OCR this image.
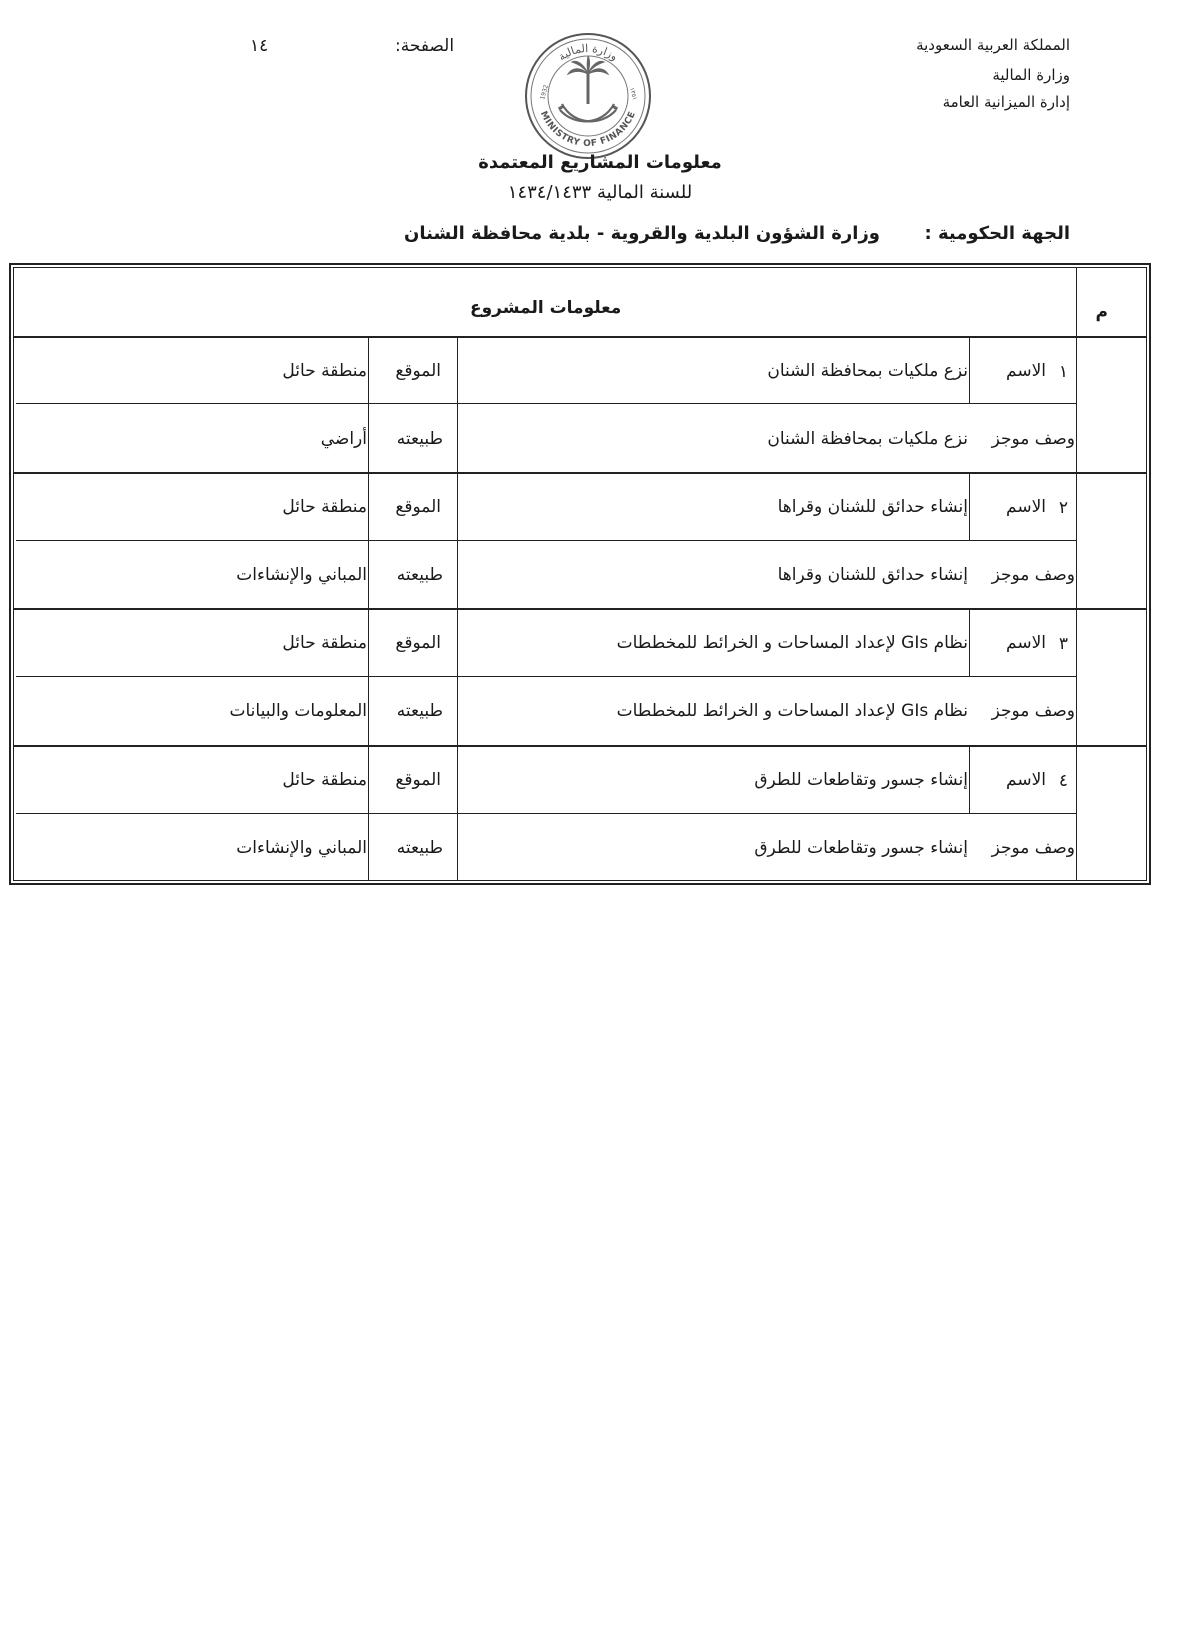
المملكة العربية السعودية
وزارة المالية
إدارة الميزانية العامة
الصفحة:
١٤
وزارة المالية
MINISTRY OF FINANCE
1932	١٣٥١
معلومات المشاريع المعتمدة
للسنة المالية ١٤٣٤/١٤٣٣
الجهة الحكومية :
وزارة الشؤون البلدية والقروية - بلدية محافظة الشنان
م
معلومات المشروع
١
الاسم
نزع ملكيات بمحافظة الشنان
الموقع
منطقة حائل
وصف موجز
نزع ملكيات بمحافظة الشنان
طبيعته
أراضي
٢
الاسم
إنشاء حدائق للشنان وقراها
الموقع
منطقة حائل
وصف موجز
إنشاء حدائق للشنان وقراها
طبيعته
المباني والإنشاءات
٣
الاسم
نظام GIs لإعداد المساحات و الخرائط للمخططات
الموقع
منطقة حائل
وصف موجز
نظام GIs لإعداد المساحات و الخرائط للمخططات
طبيعته
المعلومات والبيانات
٤
الاسم
إنشاء جسور وتقاطعات للطرق
الموقع
منطقة حائل
وصف موجز
إنشاء جسور وتقاطعات للطرق
طبيعته
المباني والإنشاءات
